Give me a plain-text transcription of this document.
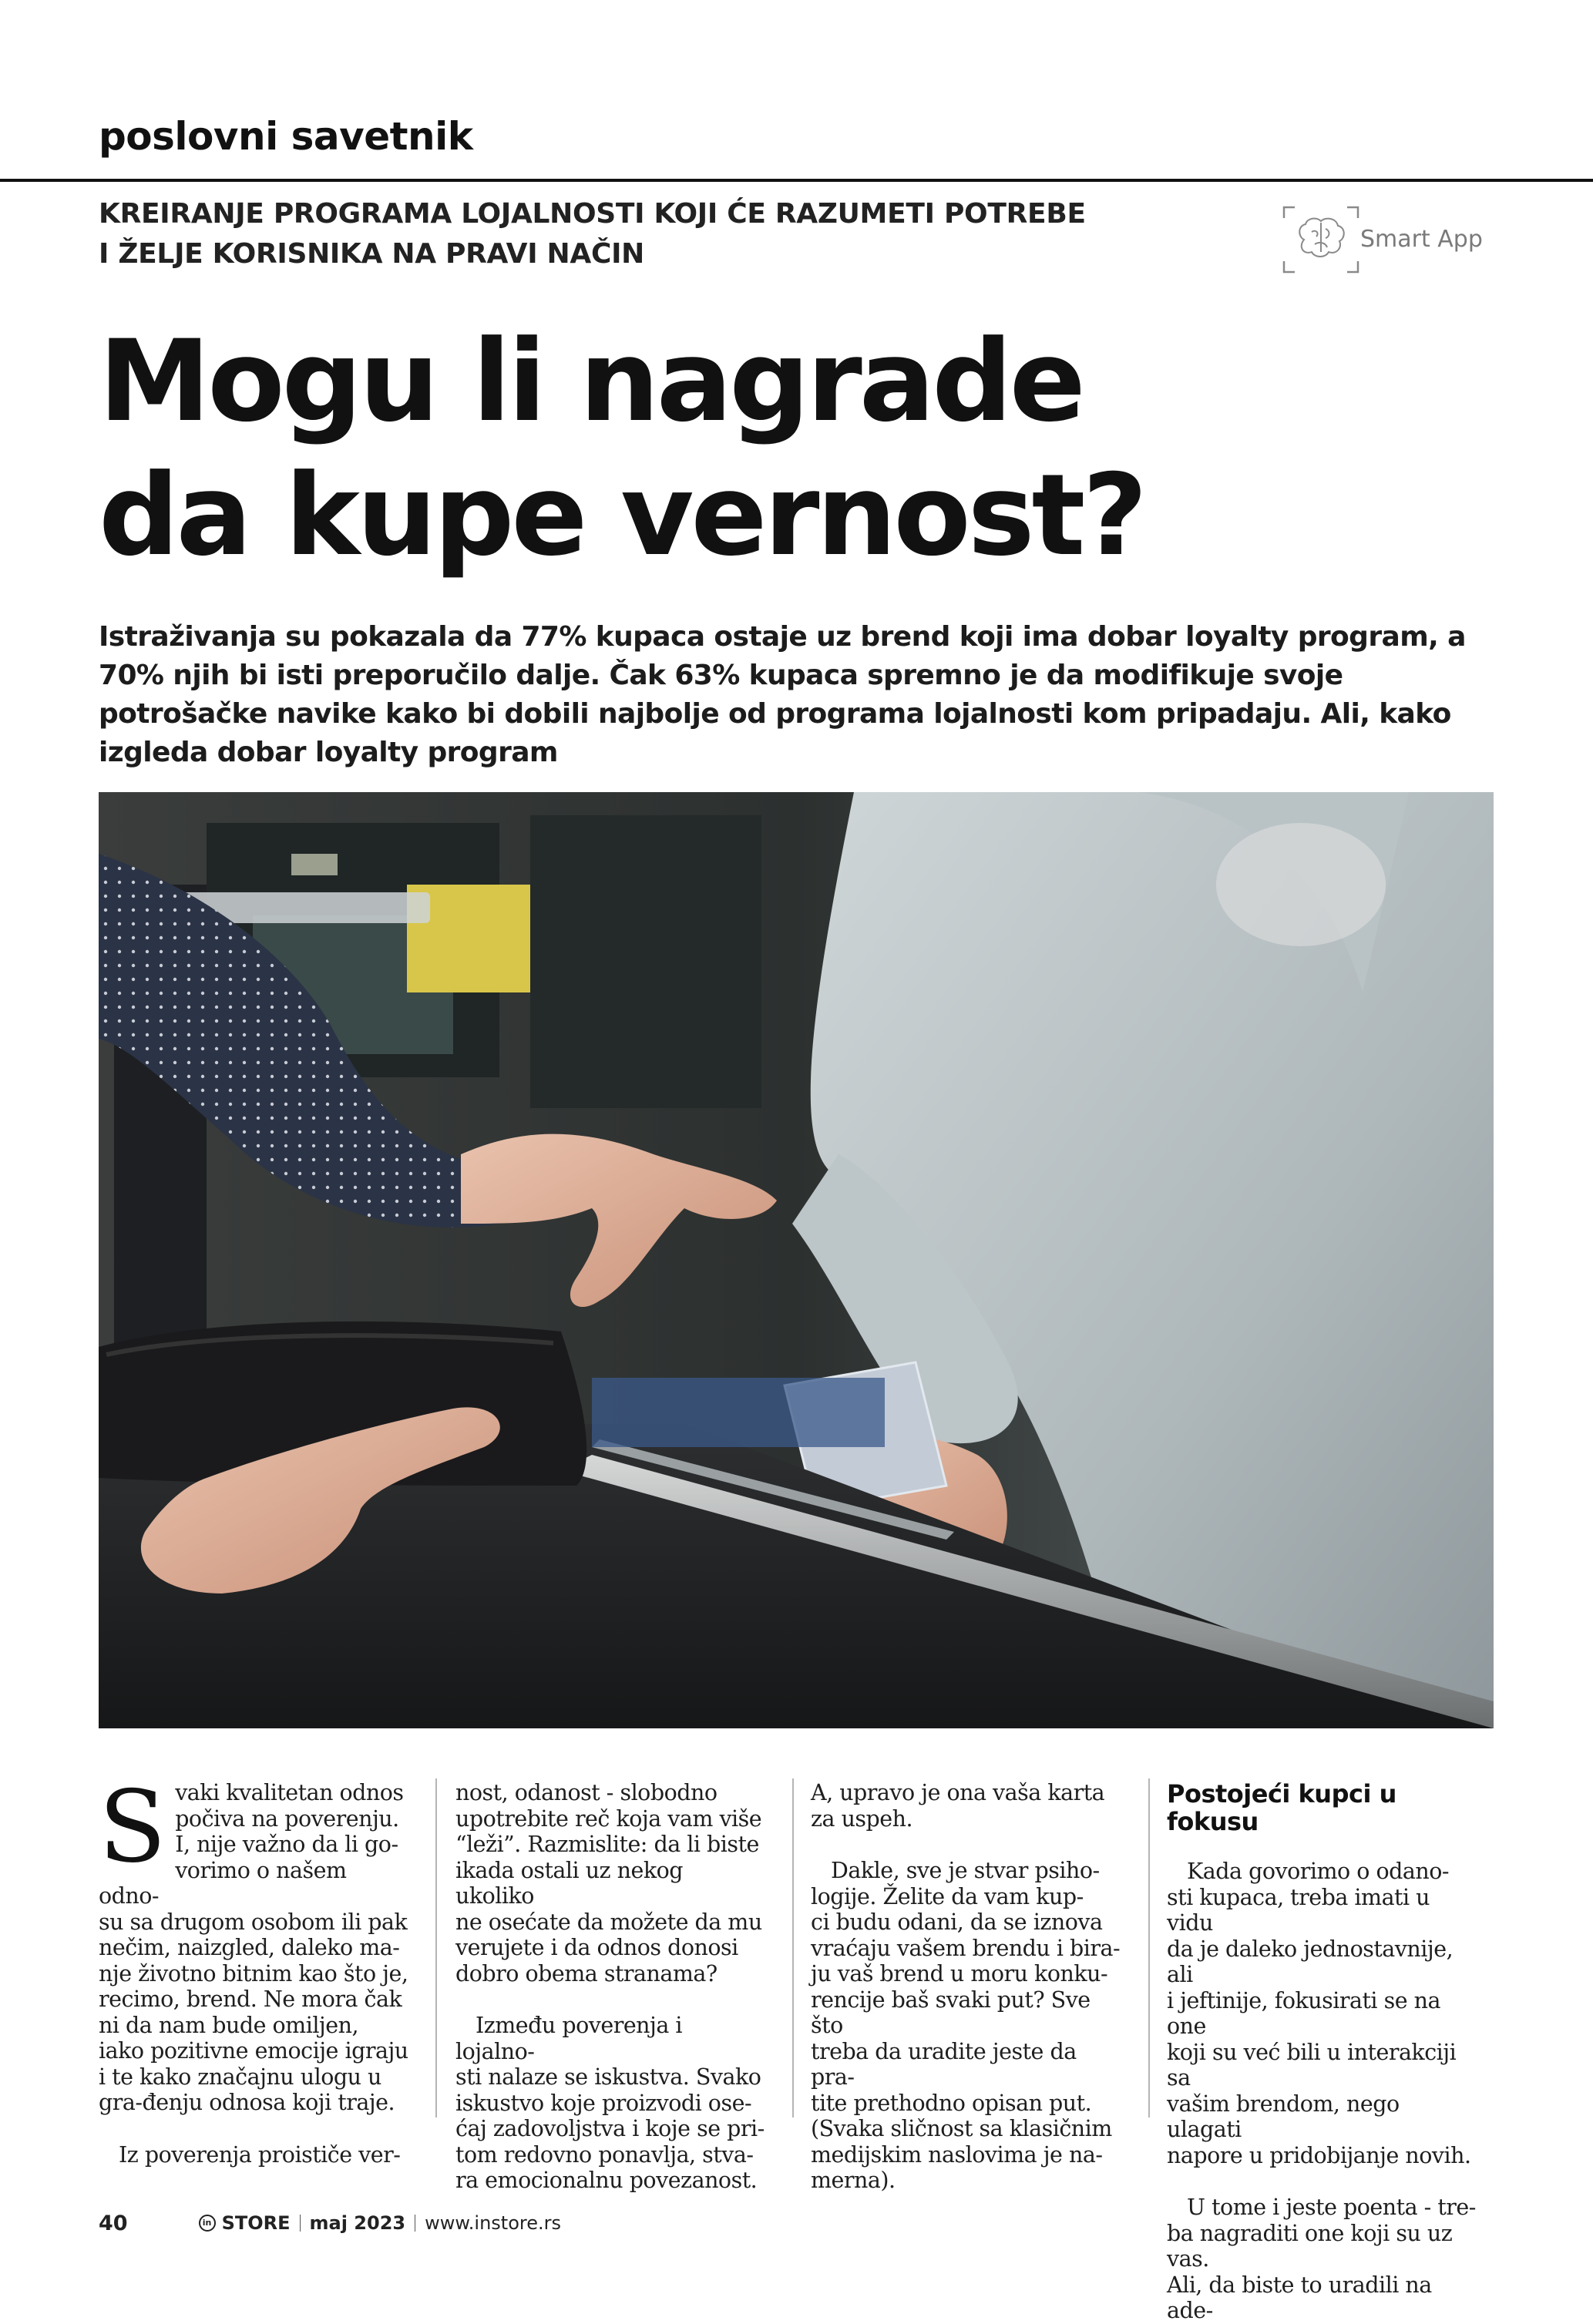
poslovni savetnik
KREIRANJE PROGRAMA LOJALNOSTI KOJI ĆE RAZUMETI POTREBE
I ŽELJE KORISNIKA NA PRAVI NAČIN	Smart App
Mogu li nagrade
da kupe vernost?
Istraživanja su pokazala da 77% kupaca ostaje uz brend koji ima dobar loyalty program, a 70% njih bi isti preporučilo dalje. Čak 63% kupaca spremno je da modifikuje svoje potrošačke navike kako bi dobili najbolje od programa lojalnosti kom pripadaju. Ali, kako izgleda dobar loyalty program
S vaki kvalitetan odnos
počiva na poverenju.
I, nije važno da li go-
vorimo o našem odno-
su sa drugom osobom ili pak nečim, naizgled, daleko ma-nje životno bitnim kao što je, recimo, brend. Ne mora čak ni da nam bude omiljen, iako pozitivne emocije igraju i te kako značajnu ulogu u gra-đenju odnosa koji traje.

Iz poverenja proističe ver-

nost, odanost - slobodno
upotrebite reč koja vam više
“leži”. Razmislite: da li biste
ikada ostali uz nekog ukoliko
ne osećate da možete da mu
verujete i da odnos donosi
dobro obema stranama?

Između poverenja i lojalno-
sti nalaze se iskustva. Svako
iskustvo koje proizvodi ose-
ćaj zadovoljstva i koje se pri-
tom redovno ponavlja, stva-
ra emocionalnu povezanost.

A, upravo je ona vaša karta
za uspeh.

Dakle, sve je stvar psiho-
logije. Želite da vam kup-
ci budu odani, da se iznova
vraćaju vašem brendu i bira-
ju vaš brend u moru konku-
rencije baš svaki put? Sve što
treba da uradite jeste da pra-
tite prethodno opisan put.
(Svaka sličnost sa klasičnim
medijskim naslovima je na-
merna).

Postojeći kupci u
fokusu

Kada govorimo o odano-
sti kupaca, treba imati u vidu
da je daleko jednostavnije, ali
i jeftinije, fokusirati se na one
koji su već bili u interakciji sa
vašim brendom, nego ulagati
napore u pridobijanje novih.

U tome i jeste poenta - tre-
ba nagraditi one koji su uz vas.
Ali, da biste to uradili na ade-

40	in STORE maj 2023 www.instore.rs
